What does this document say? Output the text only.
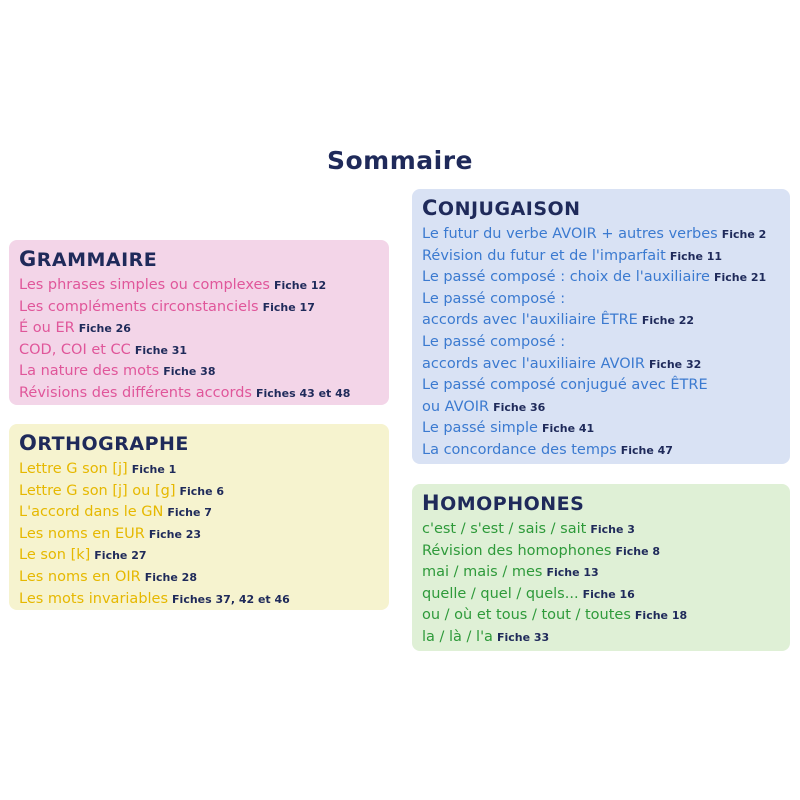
Sommaire
GRAMMAIRE
Les phrases simples ou complexes Fiche 12
Les compléments circonstanciels Fiche 17
É ou ER Fiche 26
COD, COI et CC Fiche 31
La nature des mots Fiche 38
Révisions des différents accords Fiches 43 et 48
ORTHOGRAPHE
Lettre G son [j] Fiche 1
Lettre G son [j] ou [g] Fiche 6
L'accord dans le GN Fiche 7
Les noms en EUR Fiche 23
Le son [k] Fiche 27
Les noms en OIR Fiche 28
Les mots invariables Fiches 37, 42 et 46
CONJUGAISON
Le futur du verbe AVOIR + autres verbes Fiche 2
Révision du futur et de l'imparfait Fiche 11
Le passé composé : choix de l'auxiliaire Fiche 21
Le passé composé :
accords avec l'auxiliaire ÊTRE Fiche 22
Le passé composé :
accords avec l'auxiliaire AVOIR Fiche 32
Le passé composé conjugué avec ÊTRE
ou AVOIR Fiche 36
Le passé simple Fiche 41
La concordance des temps Fiche 47
HOMOPHONES
c'est / s'est / sais / sait Fiche 3
Révision des homophones Fiche 8
mai / mais / mes Fiche 13
quelle / quel / quels... Fiche 16
ou / où et tous / tout / toutes Fiche 18
la / là / l'a Fiche 33
